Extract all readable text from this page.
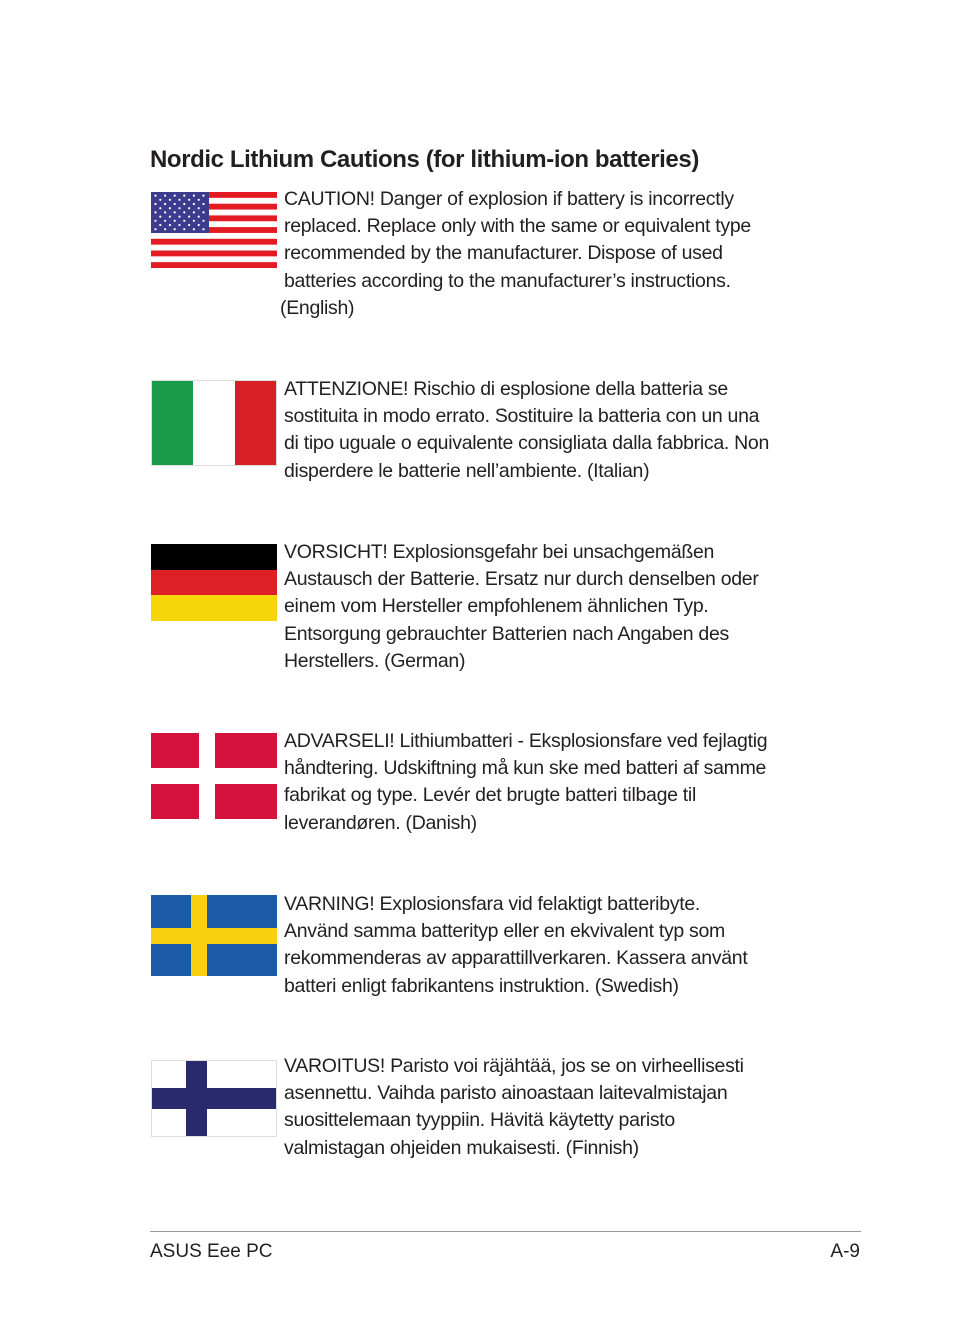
Nordic Lithium Cautions (for lithium-ion batteries)

CAUTION! Danger of explosion if battery is incorrectly

replaced. Replace only with the same or equivalent type

recommended by the manufacturer. Dispose of used

batteries according to the manufacturer’s instructions.

(English)

ATTENZIONE! Rischio di esplosione della batteria se

sostituita in modo errato. Sostituire la batteria con un una

di tipo uguale o equivalente consigliata dalla fabbrica. Non

disperdere le batterie nell’ambiente. (Italian)

VORSICHT! Explosionsgefahr bei unsachgemäßen

Austausch der Batterie. Ersatz nur durch denselben oder

einem vom Hersteller empfohlenem ähnlichen Typ.

Entsorgung gebrauchter Batterien nach Angaben des

Herstellers. (German)

ADVARSELI! Lithiumbatteri - Eksplosionsfare ved fejlagtig

håndtering. Udskiftning må kun ske med batteri af samme

fabrikat og type. Levér det brugte batteri tilbage til

leverandøren. (Danish)

VARNING! Explosionsfara vid felaktigt batteribyte.

Använd samma batterityp eller en ekvivalent typ som

rekommenderas av apparattillverkaren. Kassera använt

batteri enligt fabrikantens instruktion. (Swedish)

VAROITUS! Paristo voi räjähtää, jos se on virheellisesti

asennettu. Vaihda paristo ainoastaan laitevalmistajan

suosittelemaan tyyppiin. Hävitä käytetty paristo

valmistagan ohjeiden mukaisesti. (Finnish)

ASUS Eee PC	A-9
